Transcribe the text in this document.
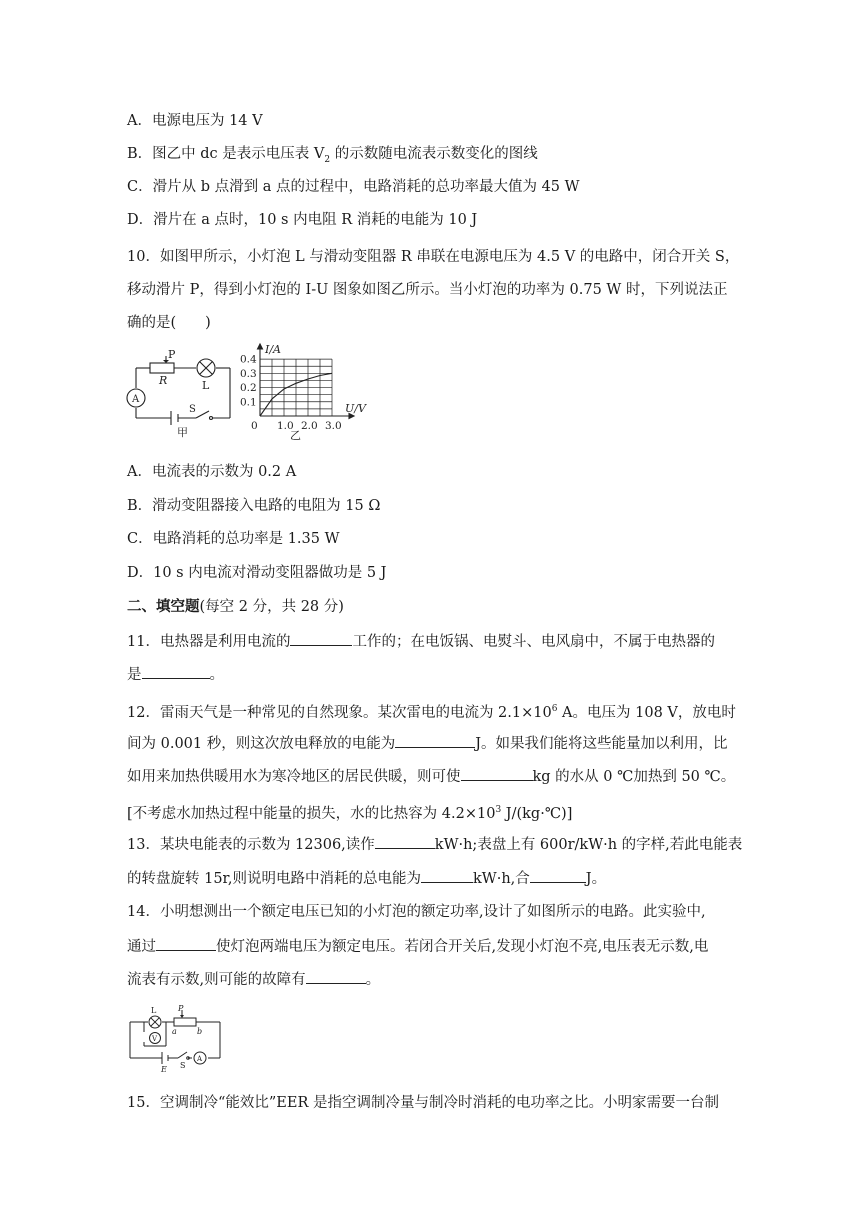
A．电源电压为 14 V
B．图乙中 dc 是表示电压表 $V_2$ 的示数随电流表示数变化的图线
C．滑片从 b 点滑到 a 点的过程中，电路消耗的总功率最大值为 45 W
D．滑片在 a 点时，10 s 内电阻 R 消耗的电能为 10 J
10．如图甲所示，小灯泡 L 与滑动变阻器 R 串联在电源电压为 4.5 V 的电路中，闭合开关 S，
移动滑片 P，得到小灯泡的 I-U 图象如图乙所示。当小灯泡的功率为 0.75 W 时，下列说法正
确的是(　　)
P
R	L
A
S
甲
0.1
0.2
0.3
0.4
0 1.0 2.0 3.0
I/A
U/V
乙
A．电流表的示数为 0.2 A
B．滑动变阻器接入电路的电阻为 15 Ω
C．电路消耗的总功率是 1.35 W
D．10 s 内电流对滑动变阻器做功是 5 J
二、填空题(每空 2 分，共 28 分)
11．电热器是利用电流的	工作的；在电饭锅、电熨斗、电风扇中，不属于电热器的
是	。
12．雷雨天气是一种常见的自然现象。某次雷电的电流为 $2.1\times 10^6$ A。电压为 108 V，放电时
间为 0.001 秒，则这次放电释放的电能为	J。如果我们能将这些能量加以利用，比
如用来加热供暖用水为寒冷地区的居民供暖，则可使	kg 的水从 0 ℃加热到 50 ℃。
[不考虑水加热过程中能量的损失，水的比热容为 $4.2\times 10^3$ J/(kg·℃)]
13．某块电能表的示数为 12306,读作	kW·h;表盘上有 600r/kW·h 的字样,若此电能表
的转盘旋转 15r,则说明电路中消耗的总电能为	kW·h,合	J。
14．小明想测出一个额定电压已知的小灯泡的额定功率,设计了如图所示的电路。此实验中,
通过	使灯泡两端电压为额定电压。若闭合开关后,发现小灯泡不亮,电压表无示数,电
流表有示数,则可能的故障有	。
L	P
a	b
V
A
S
E
15．空调制冷“能效比”EER 是指空调制冷量与制冷时消耗的电功率之比。小明家需要一台制
